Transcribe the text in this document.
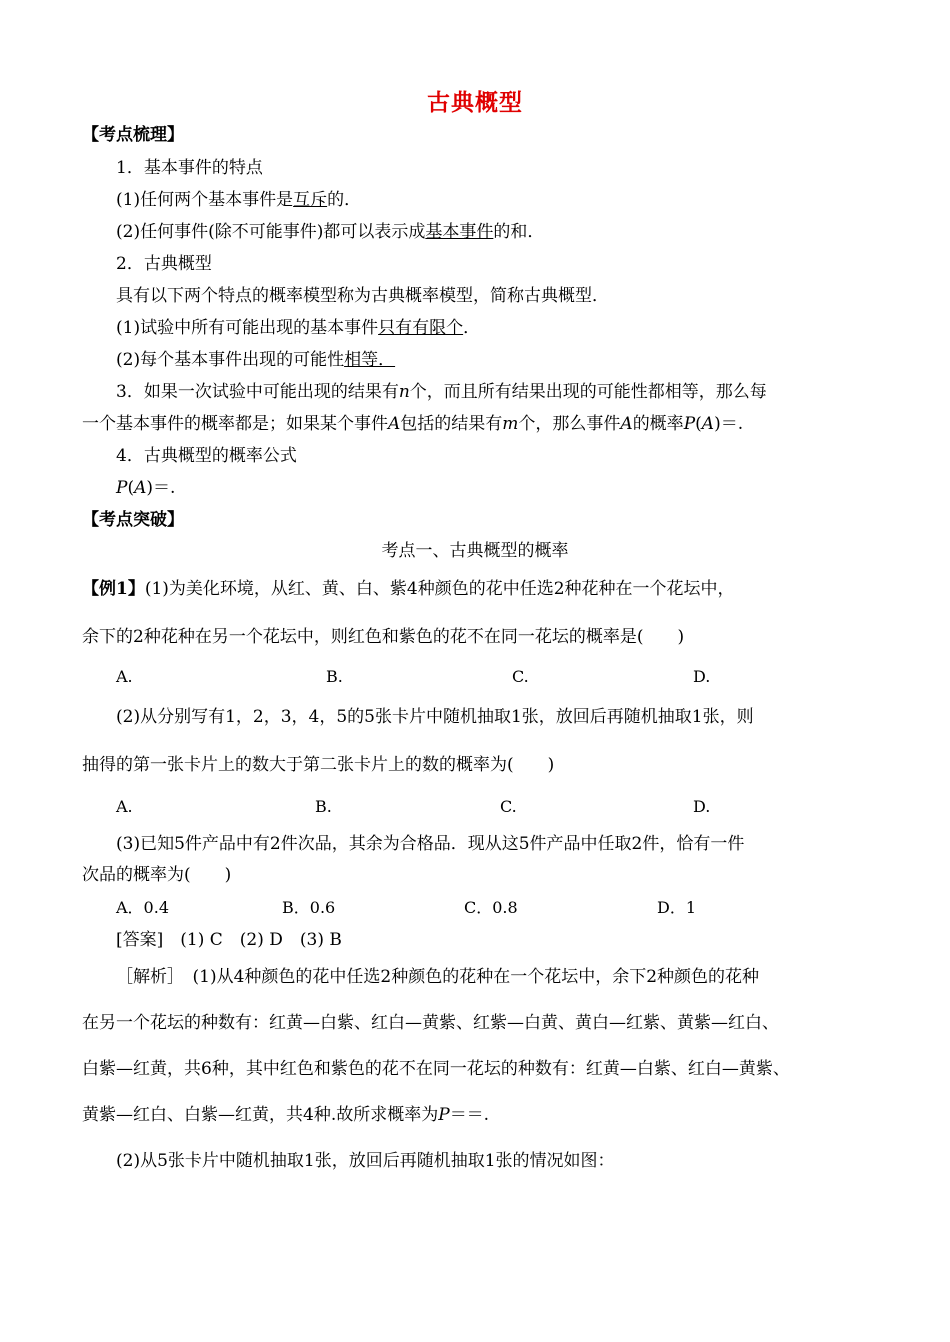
古典概型
【考点梳理】
1．基本事件的特点
(1)任何两个基本事件是互斥的．
(2)任何事件(除不可能事件)都可以表示成基本事件的和．
2．古典概型
具有以下两个特点的概率模型称为古典概率模型，简称古典概型．
(1)试验中所有可能出现的基本事件只有有限个．
(2)每个基本事件出现的可能性相等．
3．如果一次试验中可能出现的结果有n个，而且所有结果出现的可能性都相等，那么每
一个基本事件的概率都是；如果某个事件A包括的结果有m个，那么事件A的概率P(A)＝.
4．古典概型的概率公式
P(A)＝.
【考点突破】
考点一、古典概型的概率
【例1】(1)为美化环境，从红、黄、白、紫4种颜色的花中任选2种花种在一个花坛中，
余下的2种花种在另一个花坛中，则红色和紫色的花不在同一花坛的概率是(　　)
A.	B.	C.	D.
(2)从分别写有1，2，3，4，5的5张卡片中随机抽取1张，放回后再随机抽取1张，则
抽得的第一张卡片上的数大于第二张卡片上的数的概率为(　　)
A.	B.	C.	D.
(3)已知5件产品中有2件次品，其余为合格品．现从这5件产品中任取2件，恰有一件
次品的概率为(　　)
A．0.4	B．0.6	C．0.8	D．1
[答案]　(1) C　(2) D　(3) B
［解析］　(1)从4种颜色的花中任选2种颜色的花种在一个花坛中，余下2种颜色的花种
在另一个花坛的种数有：红黄—白紫、红白—黄紫、红紫—白黄、黄白—红紫、黄紫—红白、
白紫—红黄，共6种，其中红色和紫色的花不在同一花坛的种数有：红黄—白紫、红白—黄紫、
黄紫—红白、白紫—红黄，共4种.故所求概率为P＝＝.
(2)从5张卡片中随机抽取1张，放回后再随机抽取1张的情况如图：
